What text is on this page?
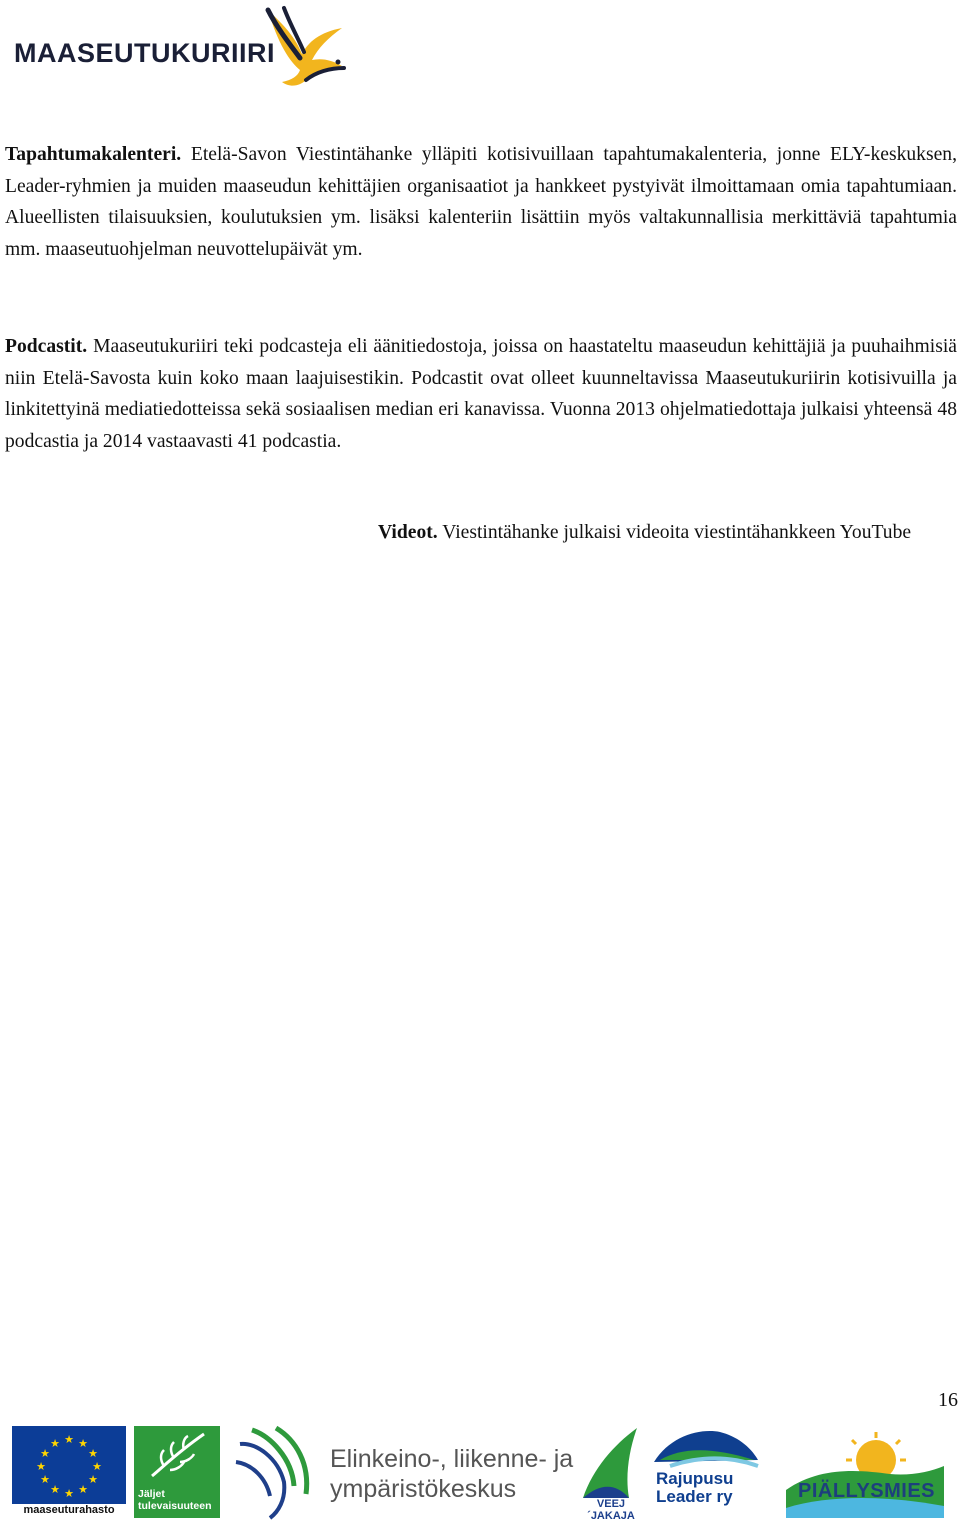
MAASEUTUKURIIRI

Tapahtumakalenteri. Etelä-Savon Viestintähanke ylläpiti kotisivuillaan tapahtumakalenteria, jonne ELY-keskuksen, Leader-ryhmien ja muiden maaseudun kehittäjien organisaatiot ja hankkeet pystyivät ilmoittamaan omia tapahtumiaan. Alueellisten tilaisuuksien, koulutuksien ym. lisäksi kalenteriin lisättiin myös valtakunnallisia merkittäviä tapahtumia mm. maaseutuohjelman neuvottelupäivät ym.

Podcastit. Maaseutukuriiri teki podcasteja eli äänitiedostoja, joissa on haastateltu maaseudun kehittäjiä ja puuhaihmisiä niin Etelä-Savosta kuin koko maan laajuisestikin. Podcastit ovat olleet kuunneltavissa Maaseutukuriirin kotisivuilla ja linkitettyinä mediatiedotteissa sekä sosiaalisen median eri kanavissa. Vuonna 2013 ohjelmatiedottaja julkaisi yhteensä 48 podcastia ja 2014 vastaavasti 41 podcastia.

Videot. Viestintähanke julkaisi videoita viestintähankkeen YouTube

16
★ ★
★
★
★
★
★
★
★
★
★
★
maaseuturahasto
Jäljet
tulevaisuuteen
Elinkeino-, liikenne- ja
ympäristökeskus
VEEJ´JAKAJA
Rajupusu
Leader ry	PIÄLLYSMIES
